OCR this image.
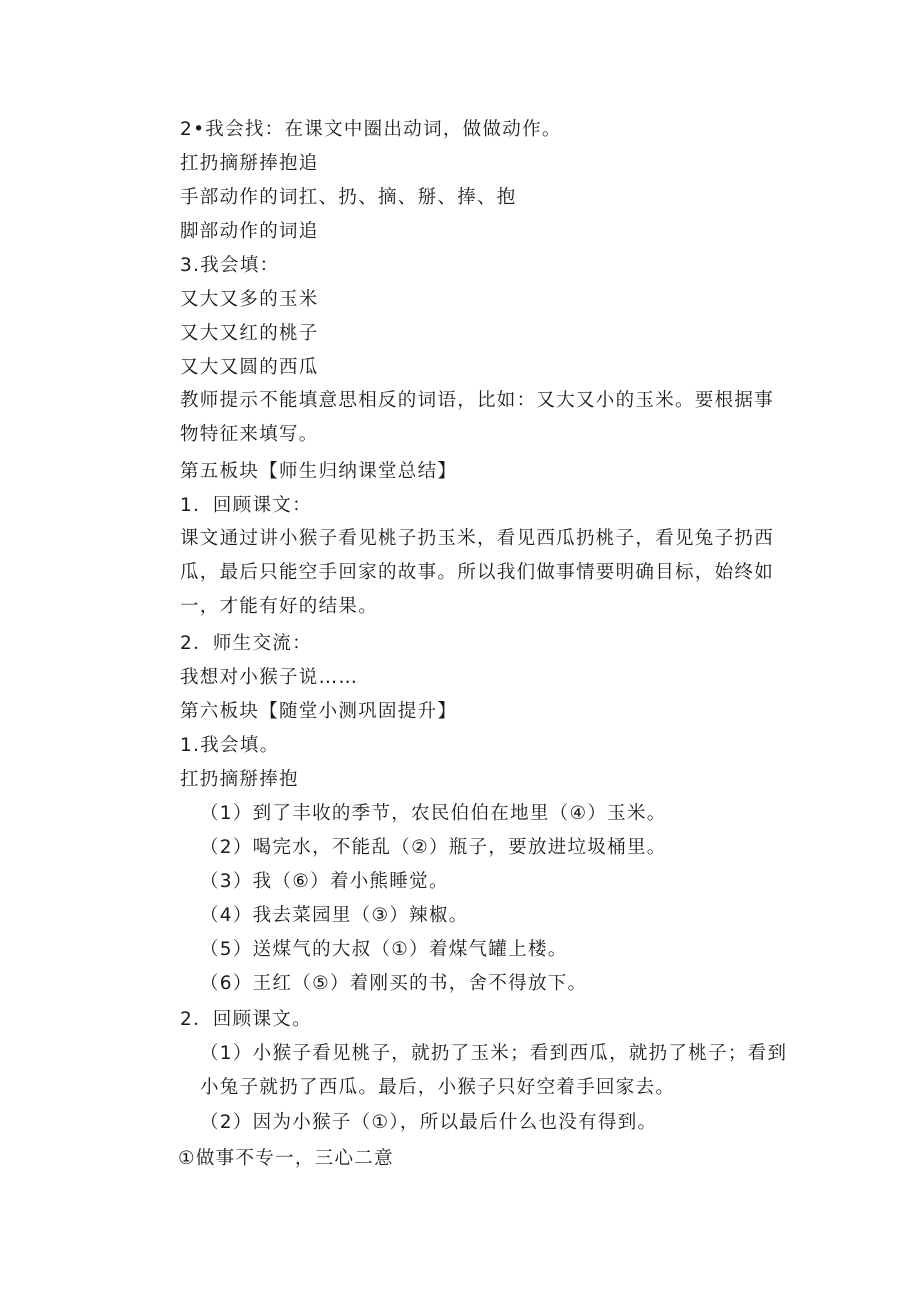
2•我会找：在课文中圈出动词，做做动作。
扛扔摘掰捧抱追
手部动作的词扛、扔、摘、掰、捧、抱
脚部动作的词追
3.我会填：
又大又多的玉米
又大又红的桃子
又大又圆的西瓜
教师提示不能填意思相反的词语，比如：又大又小的玉米。要根据事物特征来填写。
第五板块【师生归纳课堂总结】
1．回顾课文：
课文通过讲小猴子看见桃子扔玉米，看见西瓜扔桃子，看见兔子扔西瓜，最后只能空手回家的故事。所以我们做事情要明确目标，始终如一，才能有好的结果。
2．师生交流：
我想对小猴子说……
第六板块【随堂小测巩固提升】
1.我会填。
扛扔摘掰捧抱
（1）到了丰收的季节，农民伯伯在地里（④）玉米。
（2）喝完水，不能乱（②）瓶子，要放进垃圾桶里。
（3）我（⑥）着小熊睡觉。
（4）我去菜园里（③）辣椒。
（5）送煤气的大叔（①）着煤气罐上楼。
（6）王红（⑤）着刚买的书，舍不得放下。
2．回顾课文。
（1）小猴子看见桃子，就扔了玉米；看到西瓜，就扔了桃子；看到小兔子就扔了西瓜。最后，小猴子只好空着手回家去。
（2）因为小猴子（①），所以最后什么也没有得到。
①做事不专一，三心二意
